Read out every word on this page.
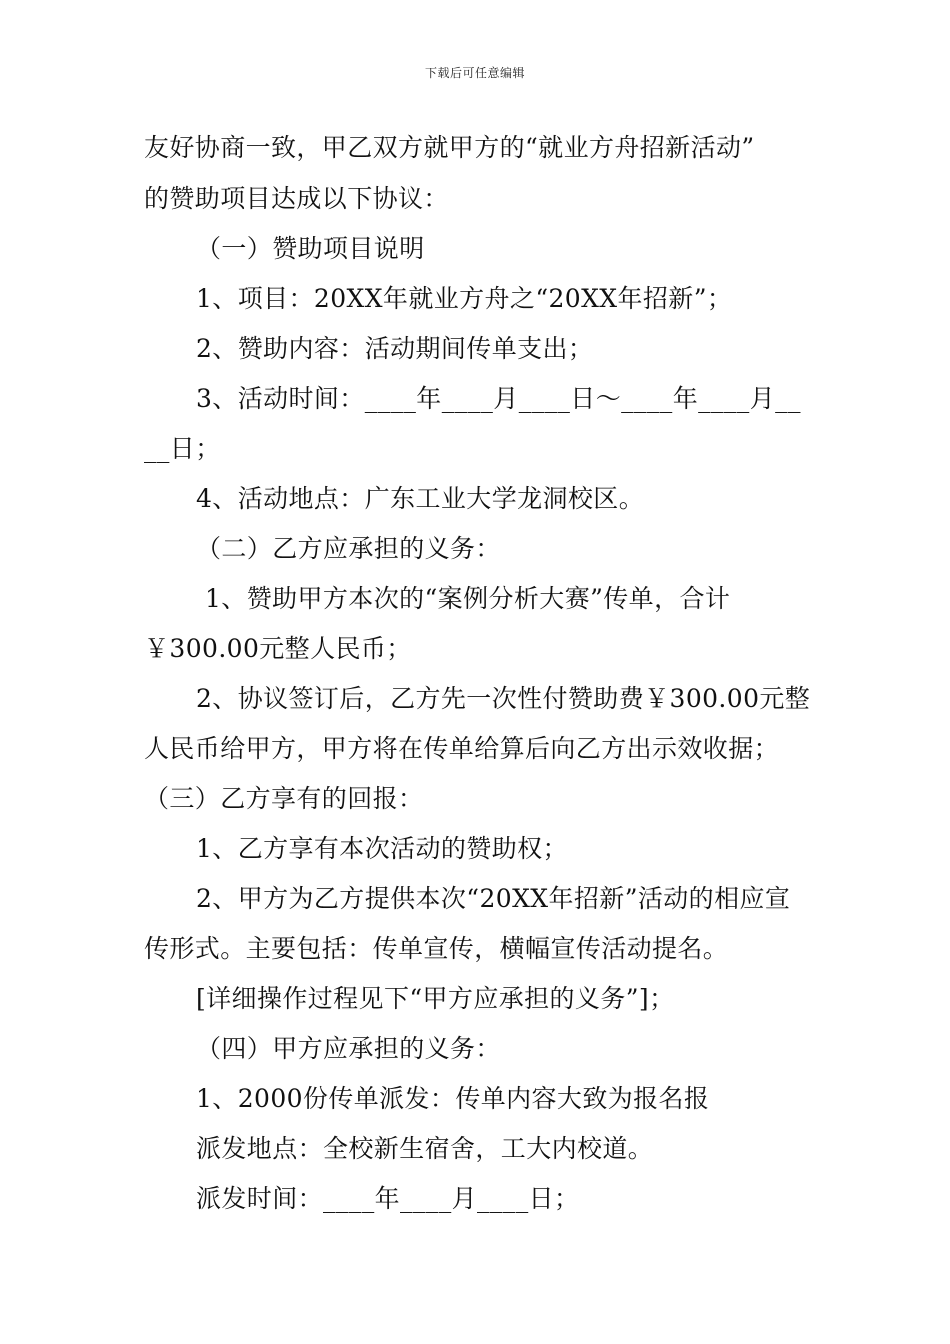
下载后可任意编辑
友好协商一致，甲乙双方就甲方的“就业方舟招新活动”
的赞助项目达成以下协议：
（一）赞助项目说明
1、项目：20XX年就业方舟之“20XX年招新”；
2、赞助内容：活动期间传单支出；
3、活动时间：____年____月____日～____年____月__
__日；
4、活动地点：广东工业大学龙洞校区。
（二）乙方应承担的义务：
1、赞助甲方本次的“案例分析大赛”传单，合计
￥300.00元整人民币；
2、协议签订后，乙方先一次性付赞助费￥300.00元整
人民币给甲方，甲方将在传单给算后向乙方出示效收据；
（三）乙方享有的回报：
1、乙方享有本次活动的赞助权；
2、甲方为乙方提供本次“20XX年招新”活动的相应宣
传形式。主要包括：传单宣传，横幅宣传活动提名。
[详细操作过程见下“甲方应承担的义务”]；
（四）甲方应承担的义务：
1、2000份传单派发：传单内容大致为报名报
派发地点：全校新生宿舍，工大内校道。
派发时间：____年____月____日；
